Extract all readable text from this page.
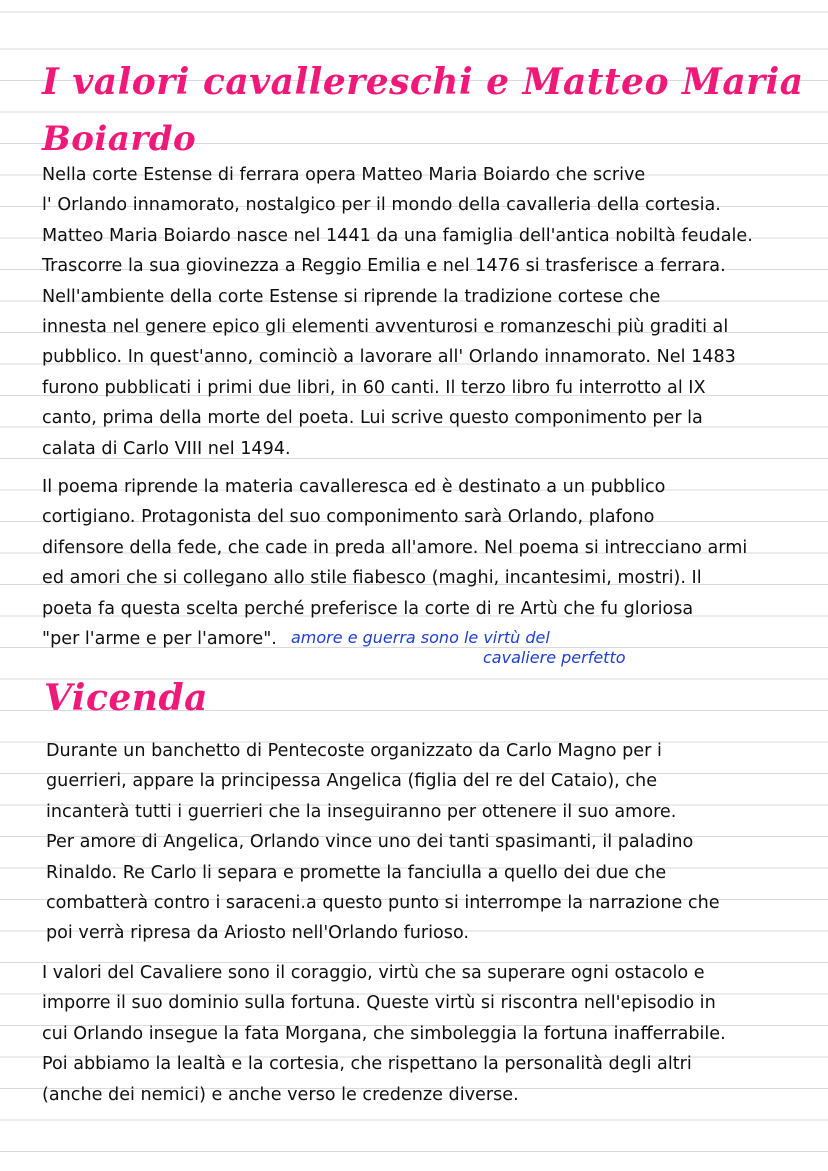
I valori cavallereschi e Matteo Maria
Boiardo
Nella corte Estense di ferrara opera Matteo Maria Boiardo che scrive
l' Orlando innamorato, nostalgico per il mondo della cavalleria della cortesia.
Matteo Maria Boiardo nasce nel 1441 da una famiglia dell'antica nobiltà feudale.
Trascorre la sua giovinezza a Reggio Emilia e nel 1476 si trasferisce a ferrara.
Nell'ambiente della corte Estense si riprende la tradizione cortese che
innesta nel genere epico gli elementi avventurosi e romanzeschi più graditi al
pubblico. In quest'anno, cominciò a lavorare all' Orlando innamorato. Nel 1483
furono pubblicati i primi due libri, in 60 canti. Il terzo libro fu interrotto al IX
canto, prima della morte del poeta. Lui scrive questo componimento per la
calata di Carlo VIII nel 1494.
Il poema riprende la materia cavalleresca ed è destinato a un pubblico
cortigiano. Protagonista del suo componimento sarà Orlando, plafono
difensore della fede, che cade in preda all'amore. Nel poema si intrecciano armi
ed amori che si collegano allo stile fiabesco (maghi, incantesimi, mostri). Il
poeta fa questa scelta perché preferisce la corte di re Artù che fu gloriosa
"per l'arme e per l'amore". amore e guerra sono le virtù del
cavaliere perfetto
Vicenda
Durante un banchetto di Pentecoste organizzato da Carlo Magno per i
guerrieri, appare la principessa Angelica (figlia del re del Cataio), che
incanterà tutti i guerrieri che la inseguiranno per ottenere il suo amore.
Per amore di Angelica, Orlando vince uno dei tanti spasimanti, il paladino
Rinaldo. Re Carlo li separa e promette la fanciulla a quello dei due che
combatterà contro i saraceni.a questo punto si interrompe la narrazione che
poi verrà ripresa da Ariosto nell'Orlando furioso.
I valori del Cavaliere sono il coraggio, virtù che sa superare ogni ostacolo e
imporre il suo dominio sulla fortuna. Queste virtù si riscontra nell'episodio in
cui Orlando insegue la fata Morgana, che simboleggia la fortuna inafferrabile.
Poi abbiamo la lealtà e la cortesia, che rispettano la personalità degli altri
(anche dei nemici) e anche verso le credenze diverse.
